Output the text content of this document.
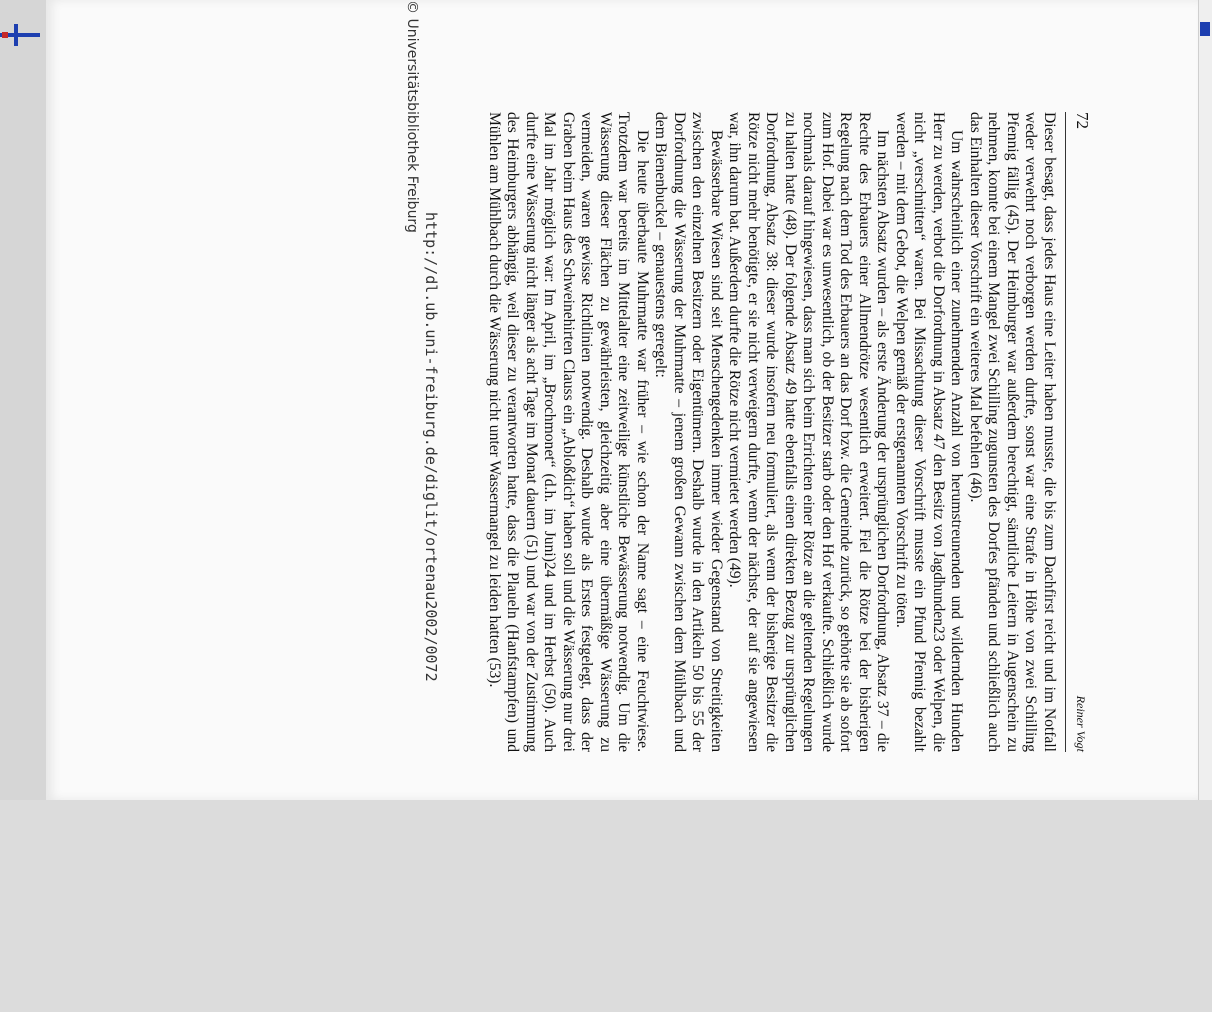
http://dl.ub.uni-freiburg.de/diglit/ortenau2002/0072
© Universitätsbibliothek Freiburg	72
Reiner Vogt

Dieser besagt, dass jedes Haus eine Leiter haben musste, die bis zum Dachfirst reicht und im Notfall weder verwehrt noch verborgen werden durfte, sonst war eine Strafe in Höhe von zwei Schilling Pfennig fällig (45). Der Heimburger war außerdem berechtigt, sämtliche Leitern in Augenschein zu nehmen, konnte bei einem Mangel zwei Schilling zugunsten des Dorfes pfänden und schließlich auch das Einhalten dieser Vorschrift ein weiteres Mal befehlen (46).

Um wahrscheinlich einer zunehmenden Anzahl von herumstreunenden und wildernden Hunden Herr zu werden, verbot die Dorfordnung in Absatz 47 den Besitz von Jagdhunden23 oder Welpen, die nicht „verschnitten“ waren. Bei Missachtung dieser Vorschrift musste ein Pfund Pfennig bezahlt werden – mit dem Gebot, die Welpen gemäß der erstgenannten Vorschrift zu töten.

Im nächsten Absatz wurden – als erste Änderung der ursprünglichen Dorfordnung, Absatz 37 – die Rechte des Erbauers einer Allmendrötze wesentlich erweitert. Fiel die Rötze bei der bisherigen Regelung nach dem Tod des Erbauers an das Dorf bzw. die Gemeinde zurück, so gehörte sie ab sofort zum Hof. Dabei war es unwesentlich, ob der Besitzer starb oder den Hof verkaufte. Schließlich wurde nochmals darauf hingewiesen, dass man sich beim Errichten einer Rötze an die geltenden Regelungen zu halten hatte (48). Der folgende Absatz 49 hatte ebenfalls einen direkten Bezug zur ursprünglichen Dorfordnung, Absatz 38: dieser wurde insofern neu formuliert, als wenn der bisherige Besitzer die Rötze nicht mehr benötigte, er sie nicht verweigern durfte, wenn der nächste, der auf sie angewiesen war, ihn darum bat. Außerdem durfte die Rötze nicht vermietet werden (49).

Bewässerbare Wiesen sind seit Menschengedenken immer wieder Gegenstand von Streitigkeiten zwischen den einzelnen Besitzern oder Eigentümern. Deshalb wurde in den Artikeln 50 bis 55 der Dorfordnung die Wässerung der Muhrmatte – jenem großen Gewann zwischen dem Mühlbach und dem Bienenbuckel – genauestens geregelt:

Die heute überbaute Muhrmatte war früher – wie schon der Name sagt – eine Feuchtwiese. Trotzdem war bereits im Mittelalter eine zeitweilige künstliche Bewässerung notwendig. Um die Wässerung dieser Flächen zu gewährleisten, gleichzeitig aber eine übermäßige Wässerung zu vermeiden, waren gewisse Richtlinien notwendig. Deshalb wurde als Erstes festgelegt, dass der Graben beim Haus des Schweinehirten Clauss ein „Abloßdich“ haben soll und die Wässerung nur drei Mal im Jahr möglich war: Im April, im „Brochmonet“ (d.h. im Juni)24 und im Herbst (50). Auch durfte eine Wässerung nicht länger als acht Tage im Monat dauern (51) und war von der Zustimmung des Heimburgers abhängig, weil dieser zu verantworten hatte, dass die Plaueln (Hanfstampfen) und Mühlen am Mühlbach durch die Wässerung nicht unter Wassermangel zu leiden hatten (53).
